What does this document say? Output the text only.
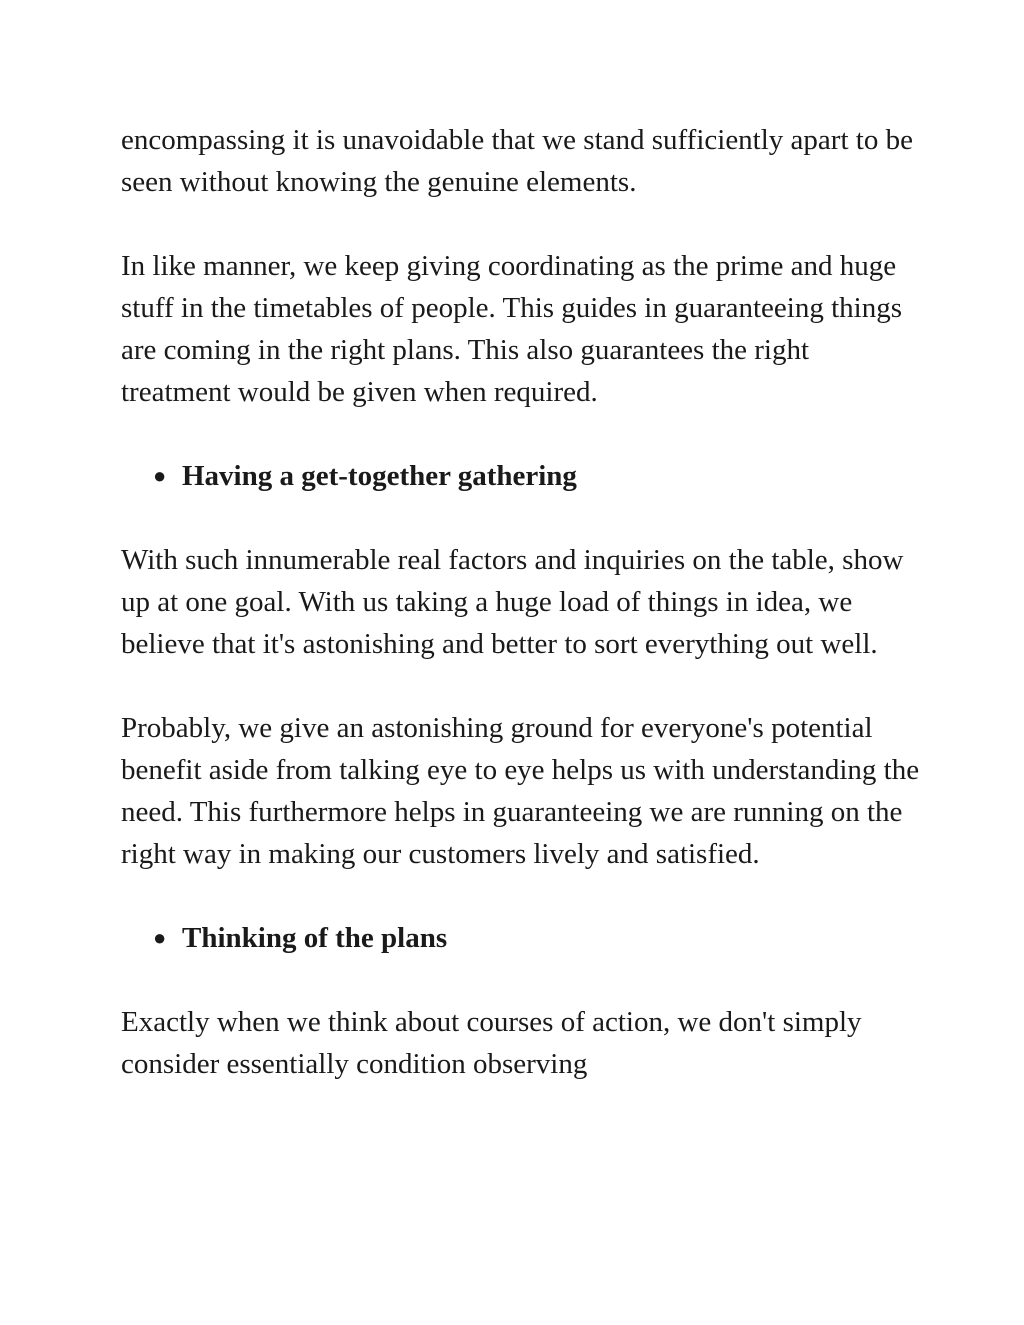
encompassing it is unavoidable that we stand sufficiently apart to be seen without knowing the genuine elements.

In like manner, we keep giving coordinating as the prime and huge stuff in the timetables of people. This guides in guaranteeing things are coming in the right plans. This also guarantees the right treatment would be given when required.

● Having a get-together gathering

With such innumerable real factors and inquiries on the table, show up at one goal. With us taking a huge load of things in idea, we believe that it's astonishing and better to sort everything out well.

Probably, we give an astonishing ground for everyone's potential benefit aside from talking eye to eye helps us with understanding the need. This furthermore helps in guaranteeing we are running on the right way in making our customers lively and satisfied.

● Thinking of the plans

Exactly when we think about courses of action, we don't simply consider essentially condition observing
